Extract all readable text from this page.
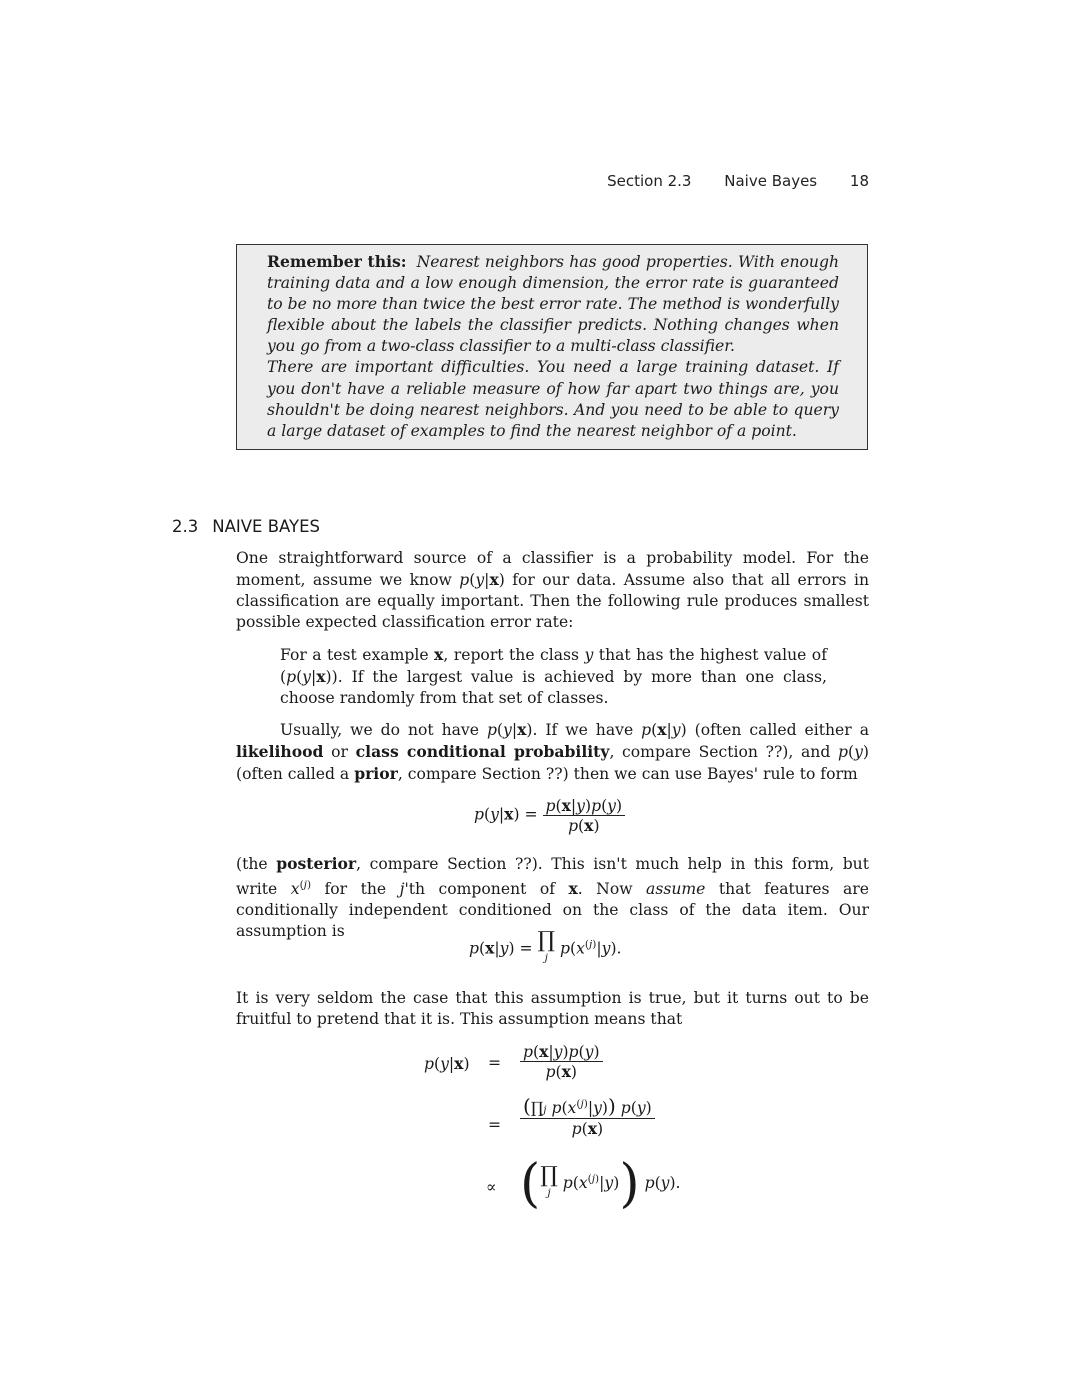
Section 2.3 Naive Bayes 18
Remember this: Nearest neighbors has good properties. With enough training data and a low enough dimension, the error rate is guaranteed to be no more than twice the best error rate. The method is wonderfully flexible about the labels the classifier predicts. Nothing changes when you go from a two-class classifier to a multi-class classifier.
There are important difficulties. You need a large training dataset. If you don't have a reliable measure of how far apart two things are, you shouldn't be doing nearest neighbors. And you need to be able to query a large dataset of examples to find the nearest neighbor of a point.
2.3 NAIVE BAYES

One straightforward source of a classifier is a probability model. For the moment, assume we know p(y|x) for our data. Assume also that all errors in classification are equally important. Then the following rule produces smallest possible expected classification error rate:

For a test example x, report the class y that has the highest value of (p(y|x)). If the largest value is achieved by more than one class, choose randomly from that set of classes.

Usually, we do not have p(y|x). If we have p(x|y) (often called either a likelihood or class conditional probability, compare Section ??), and p(y) (often called a prior, compare Section ??) then we can use Bayes' rule to form

$p(y|x) = \frac{p(x|y)p(y)}{p(x)}$

(the posterior, compare Section ??). This isn't much help in this form, but write $x^{(j)}$ for the j'th component of x. Now assume that features are conditionally independent conditioned on the class of the data item. Our assumption is

p(x|y) = ∏
$^j$ $p(x^{(j)}|y)$.

It is very seldom the case that this assumption is true, but it turns out to be fruitful to pretend that it is. This assumption means that

$p(y|x) = \frac{p(x|y)p(y)}{p(x)}$
= $\frac{(\prod j p(x^{(j)}|y)) p(y)}{p(x)}$
∝ (∏
$^j$ $p(x^{(j)}|y)$) p(y).
